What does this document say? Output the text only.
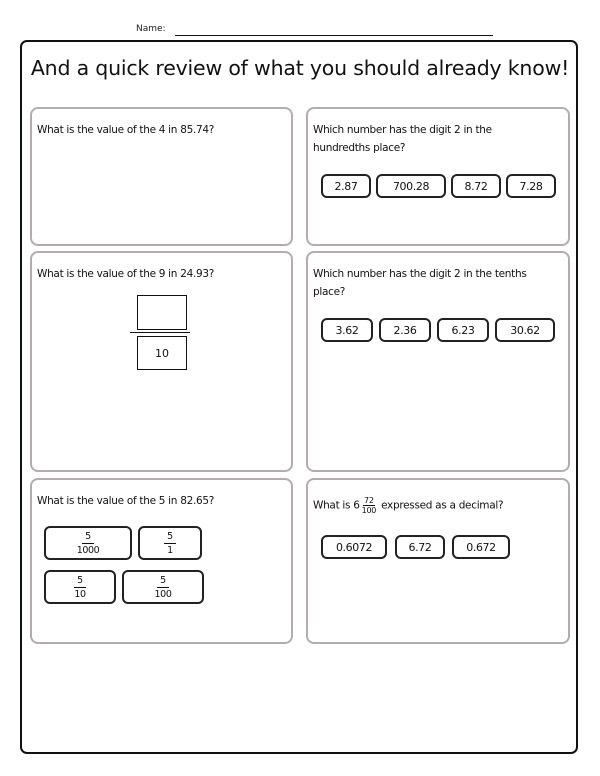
Name:
And a quick review of what you should already know!
What is the value of the 4 in 85.74?	Which number has the digit 2 in the hundredths place?
2.87	700.28	8.72	7.28
What is the value of the 9 in 24.93?
10
Which number has the digit 2 in the tenths place?
3.62	2.36	6.23	30.62
What is the value of the 5 in 82.65?
$\frac{5}{1000}$	$\frac{5}{1}$
$\frac{5}{10}$	$\frac{5}{100}$
What is $6 \frac{72}{100}$ expressed as a decimal?
0.6072	6.72	0.672
